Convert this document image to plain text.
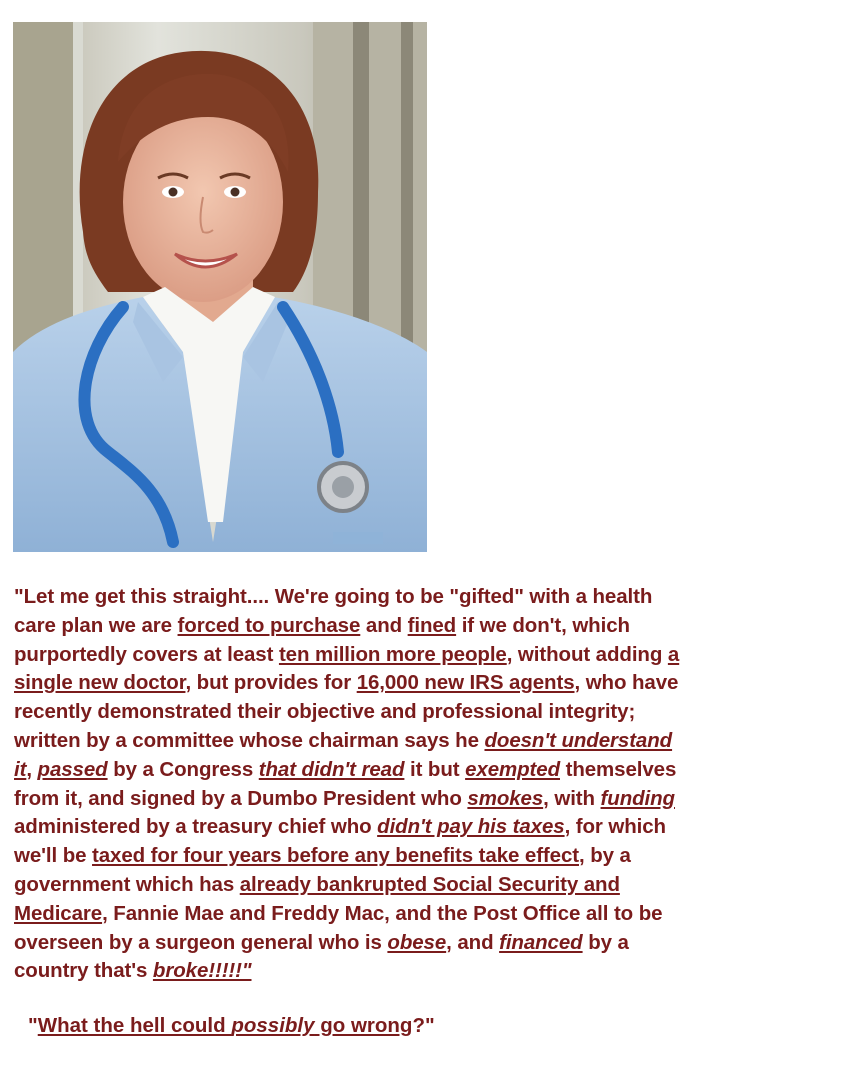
"Let me get this straight.... We're going to be "gifted" with a health
care plan we are forced to purchase and fined if we don't, which
purportedly covers at least ten million more people, without adding a
single new doctor, but provides for 16,000 new IRS agents, who have
recently demonstrated their objective and professional integrity;
written by a committee whose chairman says he doesn't understand
it, passed by a Congress that didn't read it but exempted themselves
from it, and signed by a Dumbo President who smokes, with funding
administered by a treasury chief who didn't pay his taxes, for which
we'll be taxed for four years before any benefits take effect, by a
government which has already bankrupted Social Security and
Medicare, Fannie Mae and Freddy Mac, and the Post Office all to be
overseen by a surgeon general who is obese, and financed by a
country that's broke!!!!!"
"What the hell could possibly go wrong?"
